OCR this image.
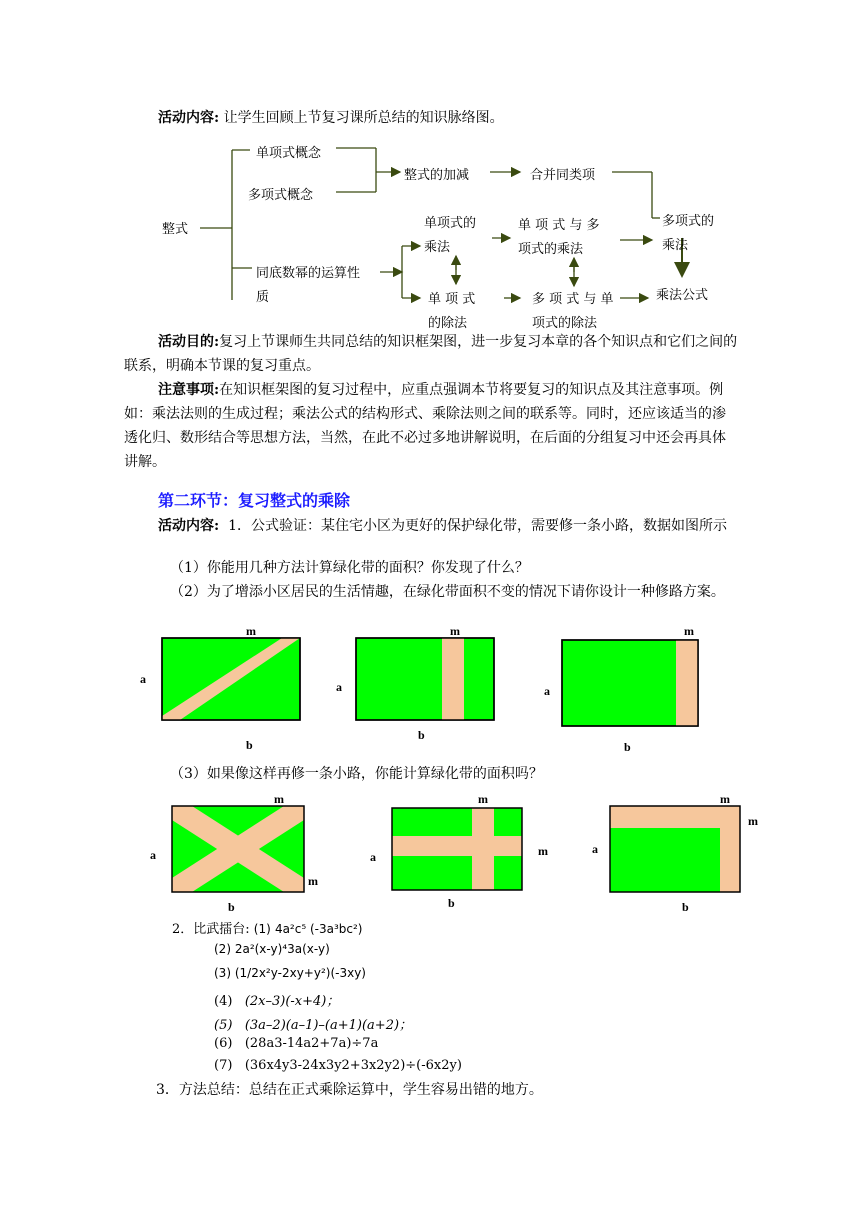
活动内容: 让学生回顾上节复习课所总结的知识脉络图。
整式
单项式概念
多项式概念
整式的加减	合并同类项
单项式的
乘法
单 项 式 与 多
项式的乘法
多项式的
乘法
同底数幂的运算性
质	单 项 式
的除法
多 项 式 与 单
项式的除法
乘法公式
活动目的:复习上节课师生共同总结的知识框架图，进一步复习本章的各个知识点和它们之间的联系，明确本节课的复习重点。
注意事项:在知识框架图的复习过程中，应重点强调本节将要复习的知识点及其注意事项。例如：乘法法则的生成过程；乘法公式的结构形式、乘除法则之间的联系等。同时，还应该适当的渗透化归、数形结合等思想方法，当然，在此不必过多地讲解说明，在后面的分组复习中还会再具体讲解。
第二环节：复习整式的乘除
活动内容: 1．公式验证：某住宅小区为更好的保护绿化带，需要修一条小路，数据如图所示
（1）你能用几种方法计算绿化带的面积？你发现了什么？
（2）为了增添小区居民的生活情趣，在绿化带面积不变的情况下请你设计一种修路方案。
m
a
b
m
a
b
m
a
b
（3）如果像这样再修一条小路，你能计算绿化带的面积吗？
m
a
m
b
m
a	m
b
m
m
a
b
2．比武擂台: (1) 4a²c⁵ (-3a³bc²)
(2) 2a²(x-y)⁴3a(x-y)
(3) (1/2x²y-2xy+y²)(-3xy)
(4) (2x–3)(-x+4)；
(5) (3a–2)(a–1)–(a+1)(a+2)；
(6) (28a3-14a2+7a)÷7a
(7) (36x4y3-24x3y2+3x2y2)÷(-6x2y)
3．方法总结：总结在正式乘除运算中，学生容易出错的地方。
